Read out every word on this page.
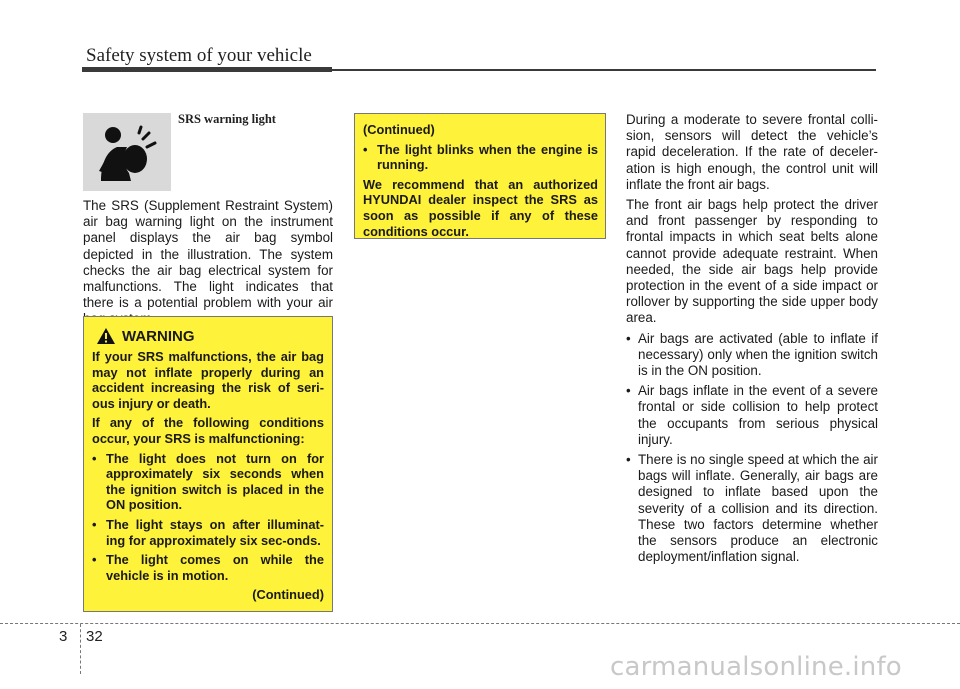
Safety system of your vehicle
SRS warning light
The SRS (Supplement Restraint System) air bag warning light on the instrument panel displays the air bag symbol depicted in the illustration. The system checks the air bag electrical system for malfunctions. The light indicates that there is a potential problem with your air
WARNING

If your SRS malfunctions, the air bag may not inflate properly during an accident increasing the risk of seri-ous injury or death.

If any of the following conditions occur, your SRS is malfunctioning:

• The light does not turn on for approximately six seconds when the ignition switch is placed in the ON position.

• The light stays on after illuminat-ing for approximately six sec-onds.

• The light comes on while the vehicle is in motion.

(Continued)

(Continued)

• The light blinks when the engine is running.

We recommend that an authorized HYUNDAI dealer inspect the SRS as soon as possible if any of these conditions occur.

During a moderate to severe frontal colli-sion, sensors will detect the vehicle’s rapid deceleration. If the rate of deceler-ation is high enough, the control unit will inflate the front air bags.

The front air bags help protect the driver and front passenger by responding to frontal impacts in which seat belts alone cannot provide adequate restraint. When needed, the side air bags help provide protection in the event of a side impact or rollover by supporting the side upper body area.

• Air bags are activated (able to inflate if necessary) only when the ignition switch is in the ON position.

• Air bags inflate in the event of a severe frontal or side collision to help protect the occupants from serious physical injury.

• There is no single speed at which the air bags will inflate. Generally, air bags are designed to inflate based upon the severity of a collision and its direction. These two factors determine whether the sensors produce an electronic deployment/inflation signal.

3 32
carmanualsonline.info
